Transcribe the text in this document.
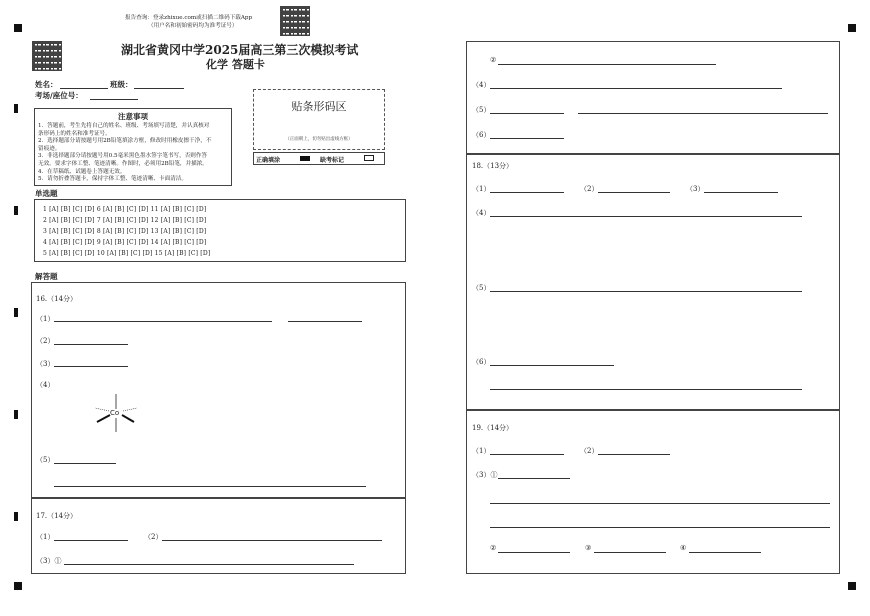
报告查询：登录zhixue.com或扫描二维码下载App
（用户名和初始密码均为准考证号）
湖北省黄冈中学2025届高三第三次模拟考试
化学 答题卡
姓名：	班级：
考场/座位号：
注意事项
1．答题前，考生先将自己的姓名、班级、考场填写清楚，并认真核对
条形码上的姓名和准考证号。
2．选择题部分请按题号用2B铅笔填涂方框，修改时用橡皮擦干净，不
留痕迹。
3．非选择题部分请按题号用0.5毫米黑色墨水签字笔书写，否则作答
无效。要求字体工整、笔迹清晰。作图时，必须用2B铅笔，并描浓。
4．在草稿纸、试题卷上答题无效。
5．请勿折叠答题卡，保持字体工整、笔迹清晰、卡面清洁。
贴条形码区
（正面朝上，切勿贴出虚线方框）
正确填涂	缺考标记
单选题
1 [A] [B] [C] [D] 6 [A] [B] [C] [D] 11 [A] [B] [C] [D]
2 [A] [B] [C] [D] 7 [A] [B] [C] [D] 12 [A] [B] [C] [D]
3 [A] [B] [C] [D] 8 [A] [B] [C] [D] 13 [A] [B] [C] [D]
4 [A] [B] [C] [D] 9 [A] [B] [C] [D] 14 [A] [B] [C] [D]
5 [A] [B] [C] [D] 10 [A] [B] [C] [D] 15 [A] [B] [C] [D]
解答题
16.（14分）
（1）
（2）
（3）
（4）
Co
（5）
17.（14分）
（1）	（2）
（3）①
②
（4）
（5）
（6）
18.（13分）
（1）	（2）	（3）
（4）
（5）
（6）
19.（14分）
（1）	（2）
（3）①
②	③	④
